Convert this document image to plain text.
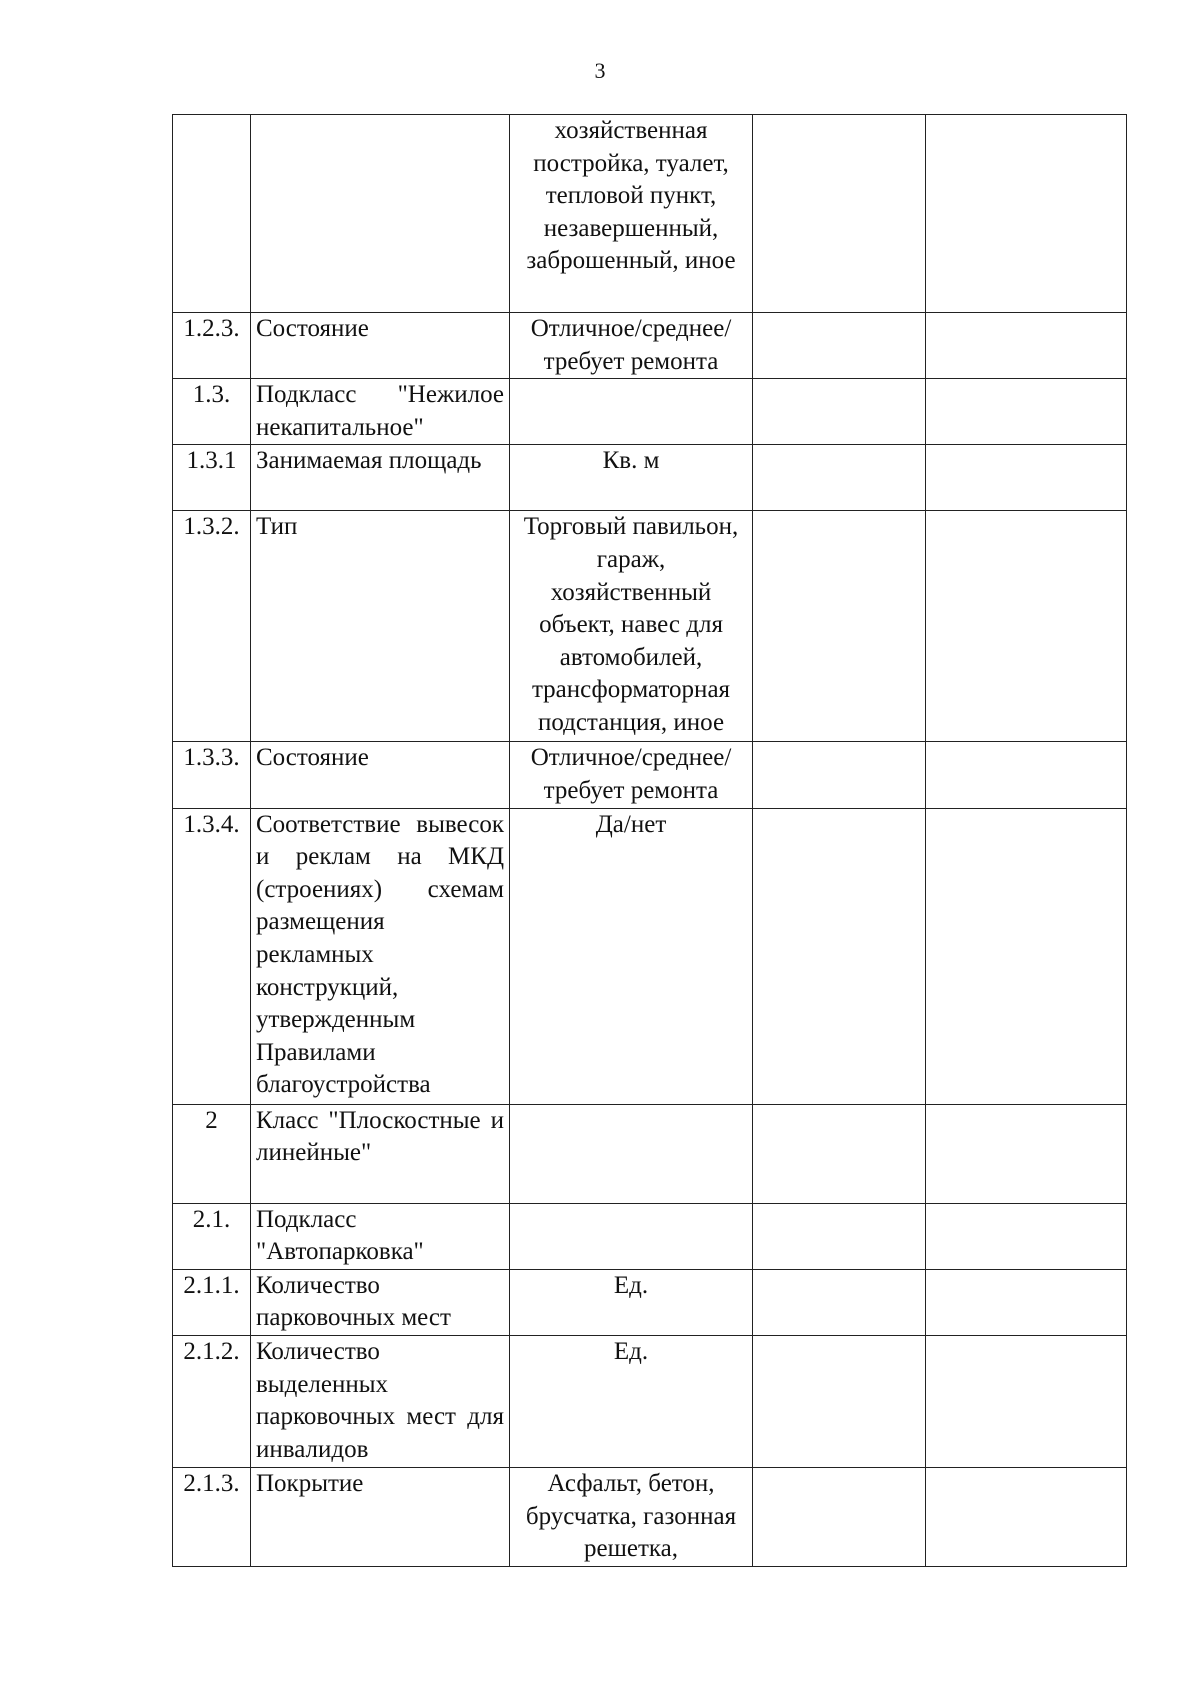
3
		хозяйственная постройка, туалет, тепловой пункт, незавершенный, заброшенный, иное		
1.2.3.	Состояние	Отличное/среднее/ требует ремонта		
1.3.	Подкласс "Нежилое некапитальное"			
1.3.1	Занимаемая площадь	Кв. м		
1.3.2.	Тип	Торговый павильон, гараж, хозяйственный объект, навес для автомобилей, трансформаторная подстанция, иное		
1.3.3.	Состояние	Отличное/среднее/ требует ремонта		
1.3.4.	Соответствие вывесок и реклам на МКД (строениях) схемам размещения рекламных конструкций, утвержденным Правилами благоустройства	Да/нет		
2	Класс "Плоскостные и линейные"			
2.1.	Подкласс "Автопарковка"			
2.1.1.	Количество парковочных мест	Ед.		
2.1.2.	Количество выделенных парковочных мест для инвалидов	Ед.		
2.1.3.	Покрытие	Асфальт, бетон, брусчатка, газонная решетка,		
